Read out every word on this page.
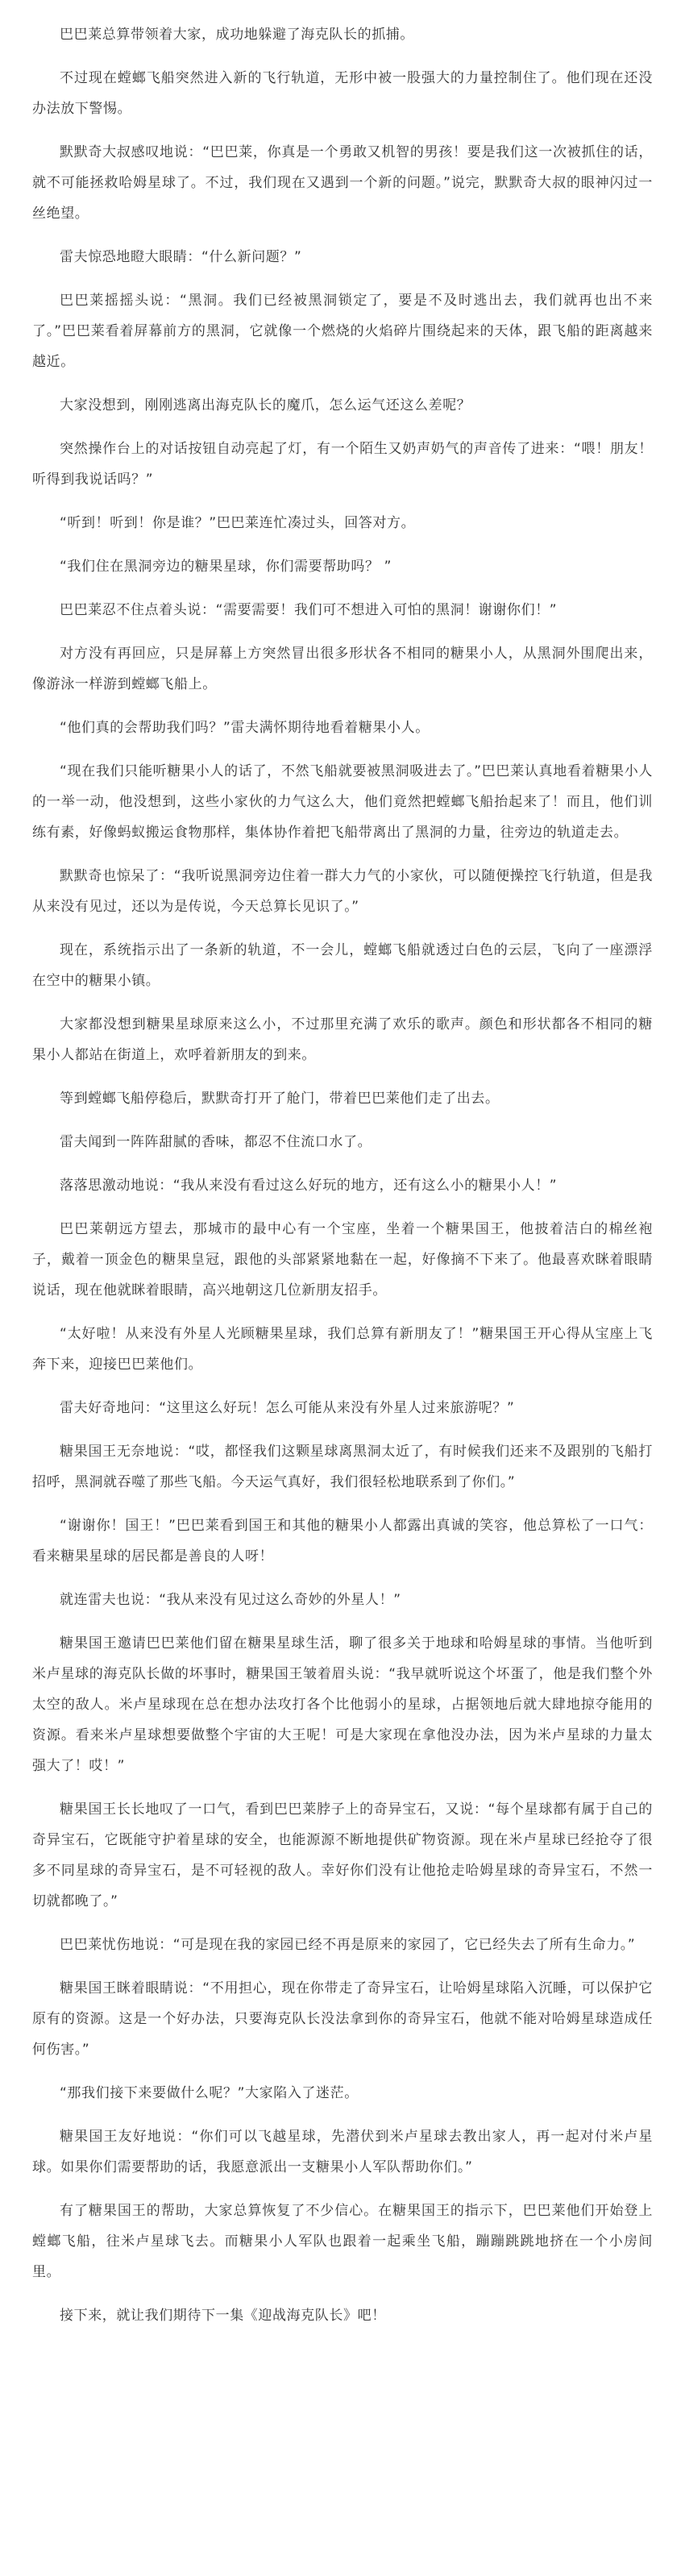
巴巴莱总算带领着大家，成功地躲避了海克队长的抓捕。

不过现在螳螂飞船突然进入新的飞行轨道，无形中被一股强大的力量控制住了。他们现在还没办法放下警惕。

默默奇大叔感叹地说：“巴巴莱，你真是一个勇敢又机智的男孩！要是我们这一次被抓住的话，就不可能拯救哈姆星球了。不过，我们现在又遇到一个新的问题。”说完，默默奇大叔的眼神闪过一丝绝望。

雷夫惊恐地瞪大眼睛：“什么新问题？”

巴巴莱摇摇头说：“黑洞。我们已经被黑洞锁定了，要是不及时逃出去，我们就再也出不来了。”巴巴莱看着屏幕前方的黑洞，它就像一个燃烧的火焰碎片围绕起来的天体，跟飞船的距离越来越近。

大家没想到，刚刚逃离出海克队长的魔爪，怎么运气还这么差呢？

突然操作台上的对话按钮自动亮起了灯，有一个陌生又奶声奶气的声音传了进来：“喂！朋友！听得到我说话吗？”

“听到！听到！你是谁？”巴巴莱连忙凑过头，回答对方。

“我们住在黑洞旁边的糖果星球，你们需要帮助吗？ ”

巴巴莱忍不住点着头说：“需要需要！我们可不想进入可怕的黑洞！谢谢你们！”

对方没有再回应，只是屏幕上方突然冒出很多形状各不相同的糖果小人，从黑洞外围爬出来，像游泳一样游到螳螂飞船上。

“他们真的会帮助我们吗？”雷夫满怀期待地看着糖果小人。

“现在我们只能听糖果小人的话了，不然飞船就要被黑洞吸进去了。”巴巴莱认真地看着糖果小人的一举一动，他没想到，这些小家伙的力气这么大，他们竟然把螳螂飞船抬起来了！而且，他们训练有素，好像蚂蚁搬运食物那样，集体协作着把飞船带离出了黑洞的力量，往旁边的轨道走去。

默默奇也惊呆了：“我听说黑洞旁边住着一群大力气的小家伙，可以随便操控飞行轨道，但是我从来没有见过，还以为是传说，今天总算长见识了。”

现在，系统指示出了一条新的轨道，不一会儿，螳螂飞船就透过白色的云层，飞向了一座漂浮在空中的糖果小镇。

大家都没想到糖果星球原来这么小，不过那里充满了欢乐的歌声。颜色和形状都各不相同的糖果小人都站在街道上，欢呼着新朋友的到来。

等到螳螂飞船停稳后，默默奇打开了舱门，带着巴巴莱他们走了出去。

雷夫闻到一阵阵甜腻的香味，都忍不住流口水了。

落落思激动地说：“我从来没有看过这么好玩的地方，还有这么小的糖果小人！”

巴巴莱朝远方望去，那城市的最中心有一个宝座，坐着一个糖果国王，他披着洁白的棉丝袍子，戴着一顶金色的糖果皇冠，跟他的头部紧紧地黏在一起，好像摘不下来了。他最喜欢眯着眼睛说话，现在他就眯着眼睛，高兴地朝这几位新朋友招手。

“太好啦！从来没有外星人光顾糖果星球，我们总算有新朋友了！”糖果国王开心得从宝座上飞奔下来，迎接巴巴莱他们。

雷夫好奇地问：“这里这么好玩！怎么可能从来没有外星人过来旅游呢？”

糖果国王无奈地说：“哎，都怪我们这颗星球离黑洞太近了，有时候我们还来不及跟别的飞船打招呼，黑洞就吞噬了那些飞船。今天运气真好，我们很轻松地联系到了你们。”

“谢谢你！国王！”巴巴莱看到国王和其他的糖果小人都露出真诚的笑容，他总算松了一口气：看来糖果星球的居民都是善良的人呀！

就连雷夫也说：“我从来没有见过这么奇妙的外星人！”

糖果国王邀请巴巴莱他们留在糖果星球生活，聊了很多关于地球和哈姆星球的事情。当他听到米卢星球的海克队长做的坏事时，糖果国王皱着眉头说：“我早就听说这个坏蛋了，他是我们整个外太空的敌人。米卢星球现在总在想办法攻打各个比他弱小的星球，占据领地后就大肆地掠夺能用的资源。看来米卢星球想要做整个宇宙的大王呢！可是大家现在拿他没办法，因为米卢星球的力量太强大了！哎！”

糖果国王长长地叹了一口气，看到巴巴莱脖子上的奇异宝石，又说：“每个星球都有属于自己的奇异宝石，它既能守护着星球的安全，也能源源不断地提供矿物资源。现在米卢星球已经抢夺了很多不同星球的奇异宝石，是不可轻视的敌人。幸好你们没有让他抢走哈姆星球的奇异宝石，不然一切就都晚了。”

巴巴莱忧伤地说：“可是现在我的家园已经不再是原来的家园了，它已经失去了所有生命力。”

糖果国王眯着眼睛说：“不用担心，现在你带走了奇异宝石，让哈姆星球陷入沉睡，可以保护它原有的资源。这是一个好办法，只要海克队长没法拿到你的奇异宝石，他就不能对哈姆星球造成任何伤害。”

“那我们接下来要做什么呢？”大家陷入了迷茫。

糖果国王友好地说：“你们可以飞越星球，先潜伏到米卢星球去教出家人，再一起对付米卢星球。如果你们需要帮助的话，我愿意派出一支糖果小人军队帮助你们。”

有了糖果国王的帮助，大家总算恢复了不少信心。在糖果国王的指示下，巴巴莱他们开始登上螳螂飞船，往米卢星球飞去。而糖果小人军队也跟着一起乘坐飞船，蹦蹦跳跳地挤在一个小房间里。

接下来，就让我们期待下一集《迎战海克队长》吧！
